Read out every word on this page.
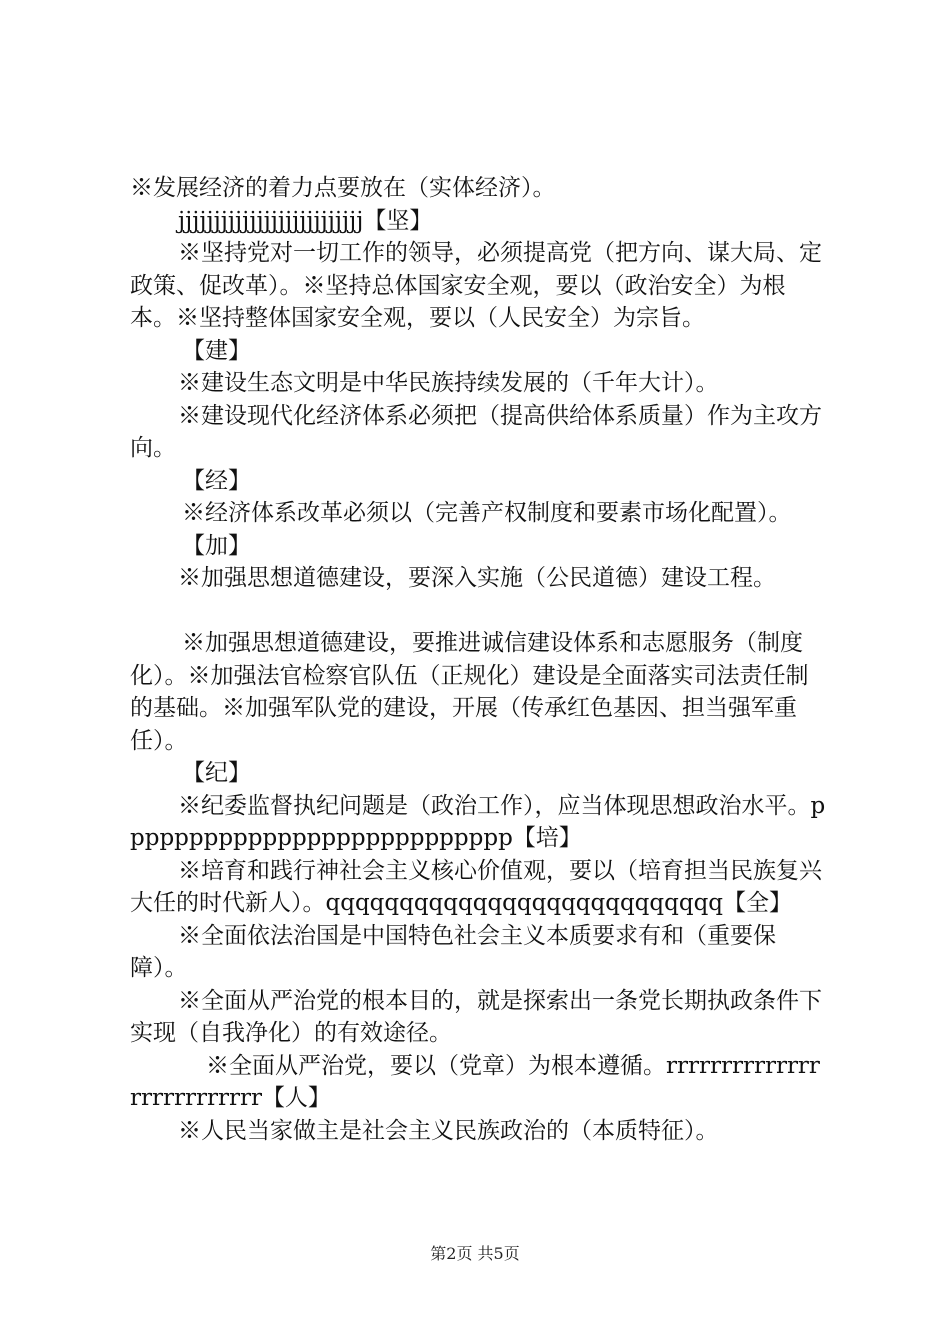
※发展经济的着力点要放在（实体经济）。

jjjjjjjjjjjjjjjjjjjjjjjjjj【坚】

※坚持党对一切工作的领导，必须提高党（把方向、谋大局、定政策、促改革）。※坚持总体国家安全观，要以（政治安全）为根本。※坚持整体国家安全观，要以（人民安全）为宗旨。

【建】

※建设生态文明是中华民族持续发展的（千年大计）。

※建设现代化经济体系必须把（提高供给体系质量）作为主攻方向。

【经】

※经济体系改革必须以（完善产权制度和要素市场化配置）。

【加】

※加强思想道德建设，要深入实施（公民道德）建设工程。

※加强思想道德建设，要推进诚信建设体系和志愿服务（制度化）。※加强法官检察官队伍（正规化）建设是全面落实司法责任制的基础。※加强军队党的建设，开展（传承红色基因、担当强军重任）。

【纪】

※纪委监督执纪问题是（政治工作），应当体现思想政治水平。ppppppppppppppppppppppppppp【培】

※培育和践行神社会主义核心价值观，要以（培育担当民族复兴大任的时代新人）。qqqqqqqqqqqqqqqqqqqqqqqqqqq【全】

※全面依法治国是中国特色社会主义本质要求有和（重要保障）。

※全面从严治党的根本目的，就是探索出一条党长期执政条件下实现（自我净化）的有效途径。

※全面从严治党，要以（党章）为根本遵循。rrrrrrrrrrrrrrrrrrrrrrrrrr【人】

※人民当家做主是社会主义民族政治的（本质特征）。

第2页 共5页
